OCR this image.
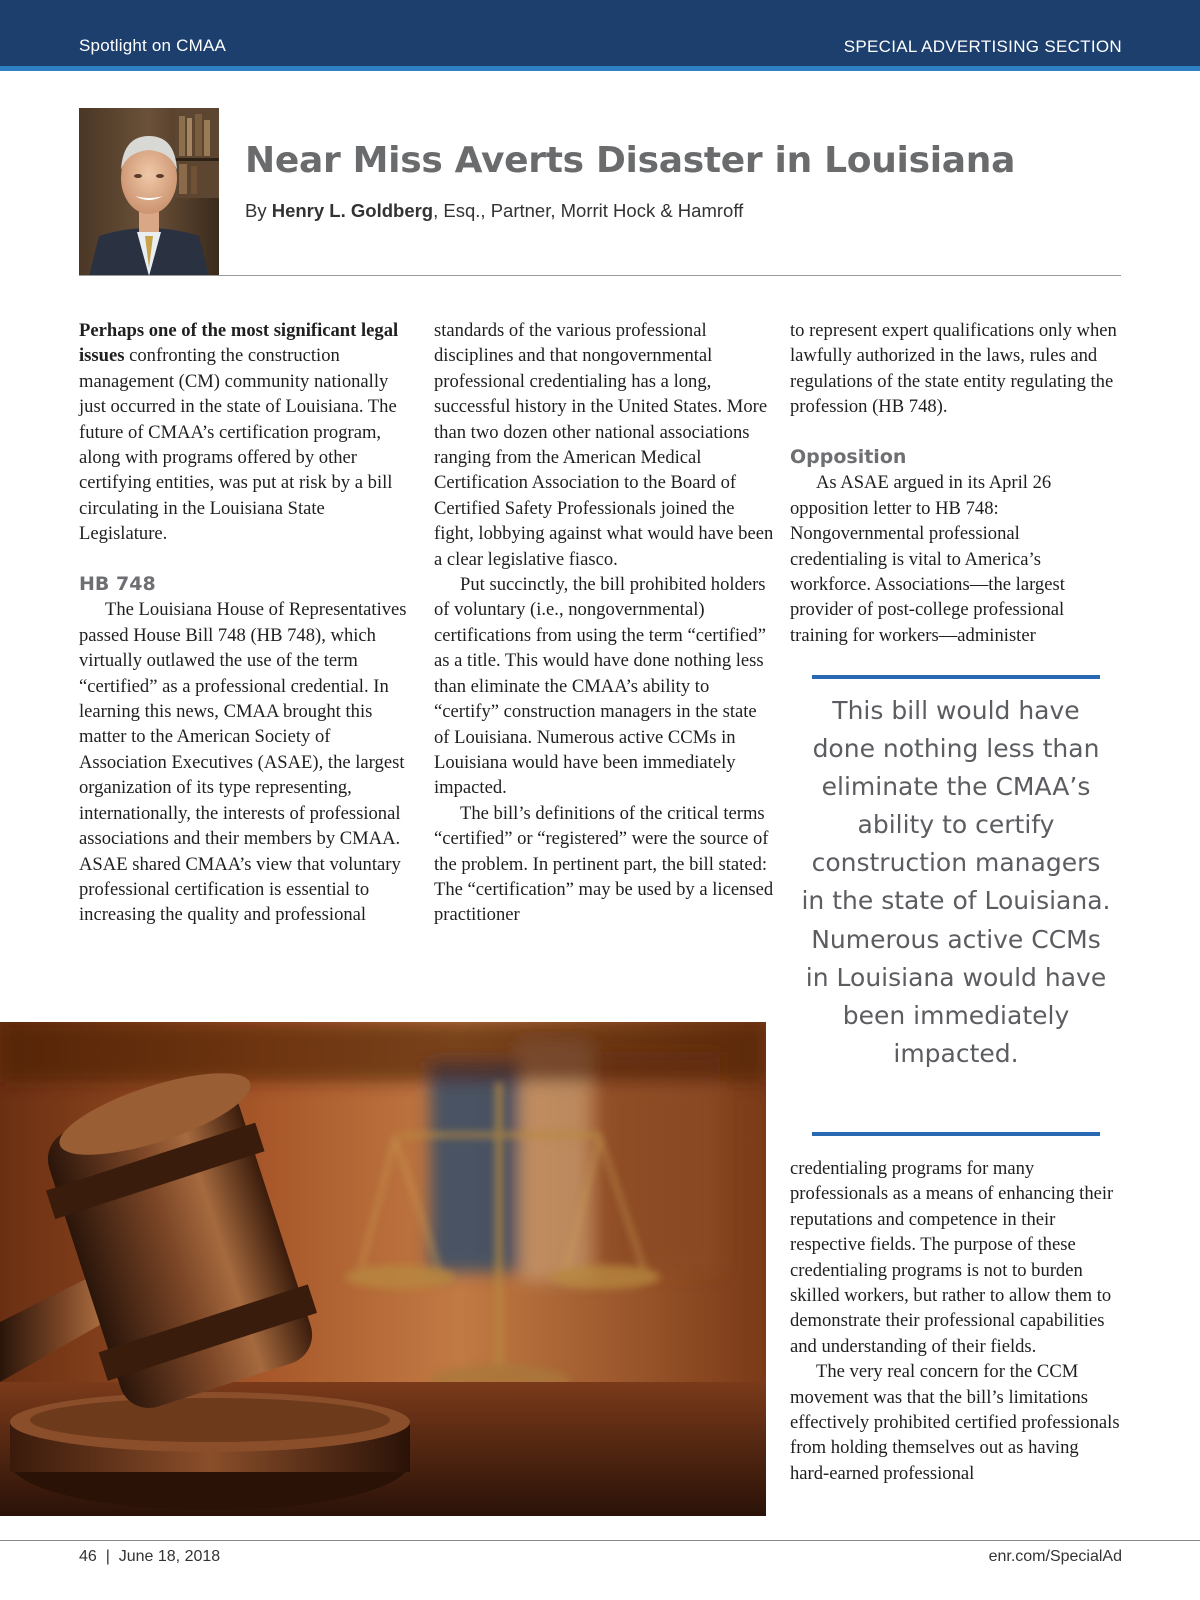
Spotlight on CMAA	SPECIAL ADVERTISING SECTION
Near Miss Averts Disaster in Louisiana
By Henry L. Goldberg, Esq., Partner, Morrit Hock & Hamroff

Perhaps one of the most significant legal issues confronting the construction management (CM) community nationally just occurred in the state of Louisiana. The future of CMAA’s certification program, along with programs offered by other certifying entities, was put at risk by a bill circulating in the Louisiana State Legislature.

HB 748

The Louisiana House of Representatives passed House Bill 748 (HB 748), which virtually outlawed the use of the term “certified” as a professional credential. In learning this news, CMAA brought this matter to the American Society of Association Executives (ASAE), the largest organization of its type representing, internationally, the interests of professional associations and their members by CMAA. ASAE shared CMAA’s view that voluntary professional certification is essential to increasing the quality and professional

standards of the various professional disciplines and that nongovernmental professional credentialing has a long, successful history in the United States. More than two dozen other national associations ranging from the American Medical Certification Association to the Board of Certified Safety Professionals joined the fight, lobbying against what would have been a clear legislative fiasco.

Put succinctly, the bill prohibited holders of voluntary (i.e., nongovernmental) certifications from using the term “certified” as a title. This would have done nothing less than eliminate the CMAA’s ability to “certify” construction managers in the state of Louisiana. Numerous active CCMs in Louisiana would have been immediately impacted.

The bill’s definitions of the critical terms “certified” or “registered” were the source of the problem. In pertinent part, the bill stated: The “certification” may be used by a licensed practitioner

to represent expert qualifications only when lawfully authorized in the laws, rules and regulations of the state entity regulating the profession (HB 748).

Opposition

As ASAE argued in its April 26 opposition letter to HB 748: Nongovernmental professional credentialing is vital to America’s workforce. Associations—the largest provider of post-college professional training for workers—administer

This bill would have done nothing less than eliminate the CMAA’s ability to certify construction managers in the state of Louisiana. Numerous active CCMs in Louisiana would have been immediately impacted.

credentialing programs for many professionals as a means of enhancing their reputations and competence in their respective fields. The purpose of these credentialing programs is not to burden skilled workers, but rather to allow them to demonstrate their professional capabilities and understanding of their fields.

The very real concern for the CCM movement was that the bill’s limitations effectively prohibited certified professionals from holding themselves out as having hard-earned professional

46  |  June 18, 2018	enr.com/SpecialAd
